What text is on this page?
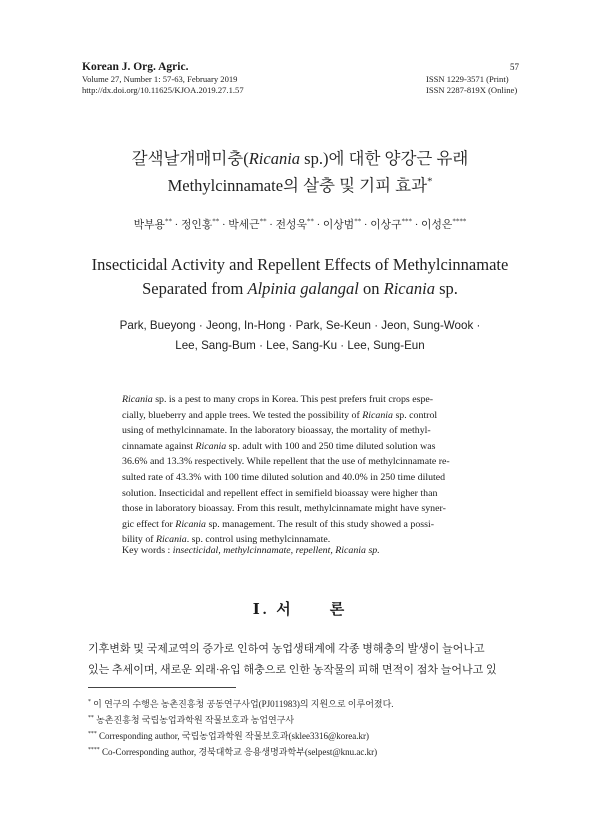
Korean J. Org. Agric.
Volume 27, Number 1: 57-63, February 2019
http://dx.doi.org/10.11625/KJOA.2019.27.1.57
57
ISSN 1229-3571 (Print)
ISSN 2287-819X (Online)
갈색날개매미충(Ricania sp.)에 대한 양강근 유래
Methylcinnamate의 살충 및 기피 효과*
박부용** · 정인홍** · 박세근** · 전성욱** · 이상범** · 이상구*** · 이성은****
Insecticidal Activity and Repellent Effects of Methylcinnamate
Separated from Alpinia galangal on Ricania sp.
Park, Bueyong · Jeong, In-Hong · Park, Se-Keun · Jeon, Sung-Wook ·
Lee, Sang-Bum · Lee, Sang-Ku · Lee, Sung-Eun
Ricania sp. is a pest to many crops in Korea. This pest prefers fruit crops espe-
cially, blueberry and apple trees. We tested the possibility of Ricania sp. control
using of methylcinnamate. In the laboratory bioassay, the mortality of methyl-
cinnamate against Ricania sp. adult with 100 and 250 time diluted solution was
36.6% and 13.3% respectively. While repellent that the use of methylcinnamate re-
sulted rate of 43.3% with 100 time diluted solution and 40.0% in 250 time diluted
solution. Insecticidal and repellent effect in semifield bioassay were higher than
those in laboratory bioassay. From this result, methylcinnamate might have syner-
gic effect for Ricania sp. management. The result of this study showed a possi-
bility of Ricania. sp. control using methylcinnamate.
Key words : insecticidal, methylcinnamate, repellent, Ricania sp.
Ⅰ. 서　　론
기후변화 및 국제교역의 증가로 인하여 농업생태계에 각종 병해충의 발생이 늘어나고
있는 추세이며, 새로운 외래·유입 해충으로 인한 농작물의 피해 면적이 점차 늘어나고 있
* 이 연구의 수행은 농촌진흥청 공동연구사업(PJ011983)의 지원으로 이루어졌다.
** 농촌진흥청 국립농업과학원 작물보호과 농업연구사
*** Corresponding author, 국립농업과학원 작물보호과(sklee3316@korea.kr)
**** Co-Corresponding author, 경북대학교 응용생명과학부(selpest@knu.ac.kr)
